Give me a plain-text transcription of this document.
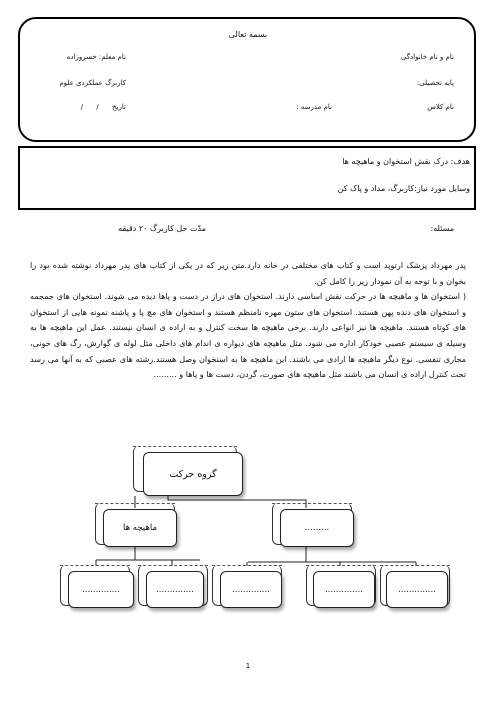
بسمه تعالی
نام و نام خانوادگی
نام معلم: خسروزاده
پایه تحصیلی:
کاربرگ عملکردی علوم
نام کلاس
نام مدرسه :
تاریخ      /      /
هدف: درک نقش استخوان و ماهیچه ها
وسایل مورد نیاز:کاربرگ، مداد و پاک کن
مسئله:
مدّت حل کاربرگ ۲۰ دقیقه

پدر مهرداد پزشک ارتوپد است و کتاب های مختلفی در خانه دارد.متن زیر که در یکی از کتاب های پدر مهرداد نوشته شده بود را بخوان و با توجه به آن نمودار زیر را کامل کن.

( استخوان ها و ماهیچه ها در حرکت نقش اساسی دارند. استخوان های دراز در دست و پاها دیده می شوند. استخوان های جمجمه و استخوان های دنده پهن هستند. استخوان های ستون مهره نامنظم هستند و استخوان های مچ پا و پاشنه نمونه هایی از استخوان های کوتاه هستند. ماهیچه ها نیز انواعی دارند. برخی ماهیچه ها سخت کنترل و به اراده ی انسان نیستند. عمل این ماهیچه ها به وسیله ی سیستم عصبی خودکار اداره می شود. مثل ماهیچه های دیواره ی اندام های داخلی مثل لوله ی گوارش، رگ های خونی، مجاری تنفسی. نوع دیگر ماهیچه ها ارادی می باشند. این ماهیچه ها به استخوان وصل هستند.رشته های عصبی که به آنها می رسد تحت کنترل اراده ی انسان می باشند مثل ماهیچه های صورت، گردن، دست ها و پاها و .........

گروه حرکت
ماهیچه ها	.........
..............	..............	..............	..............	..............
1
